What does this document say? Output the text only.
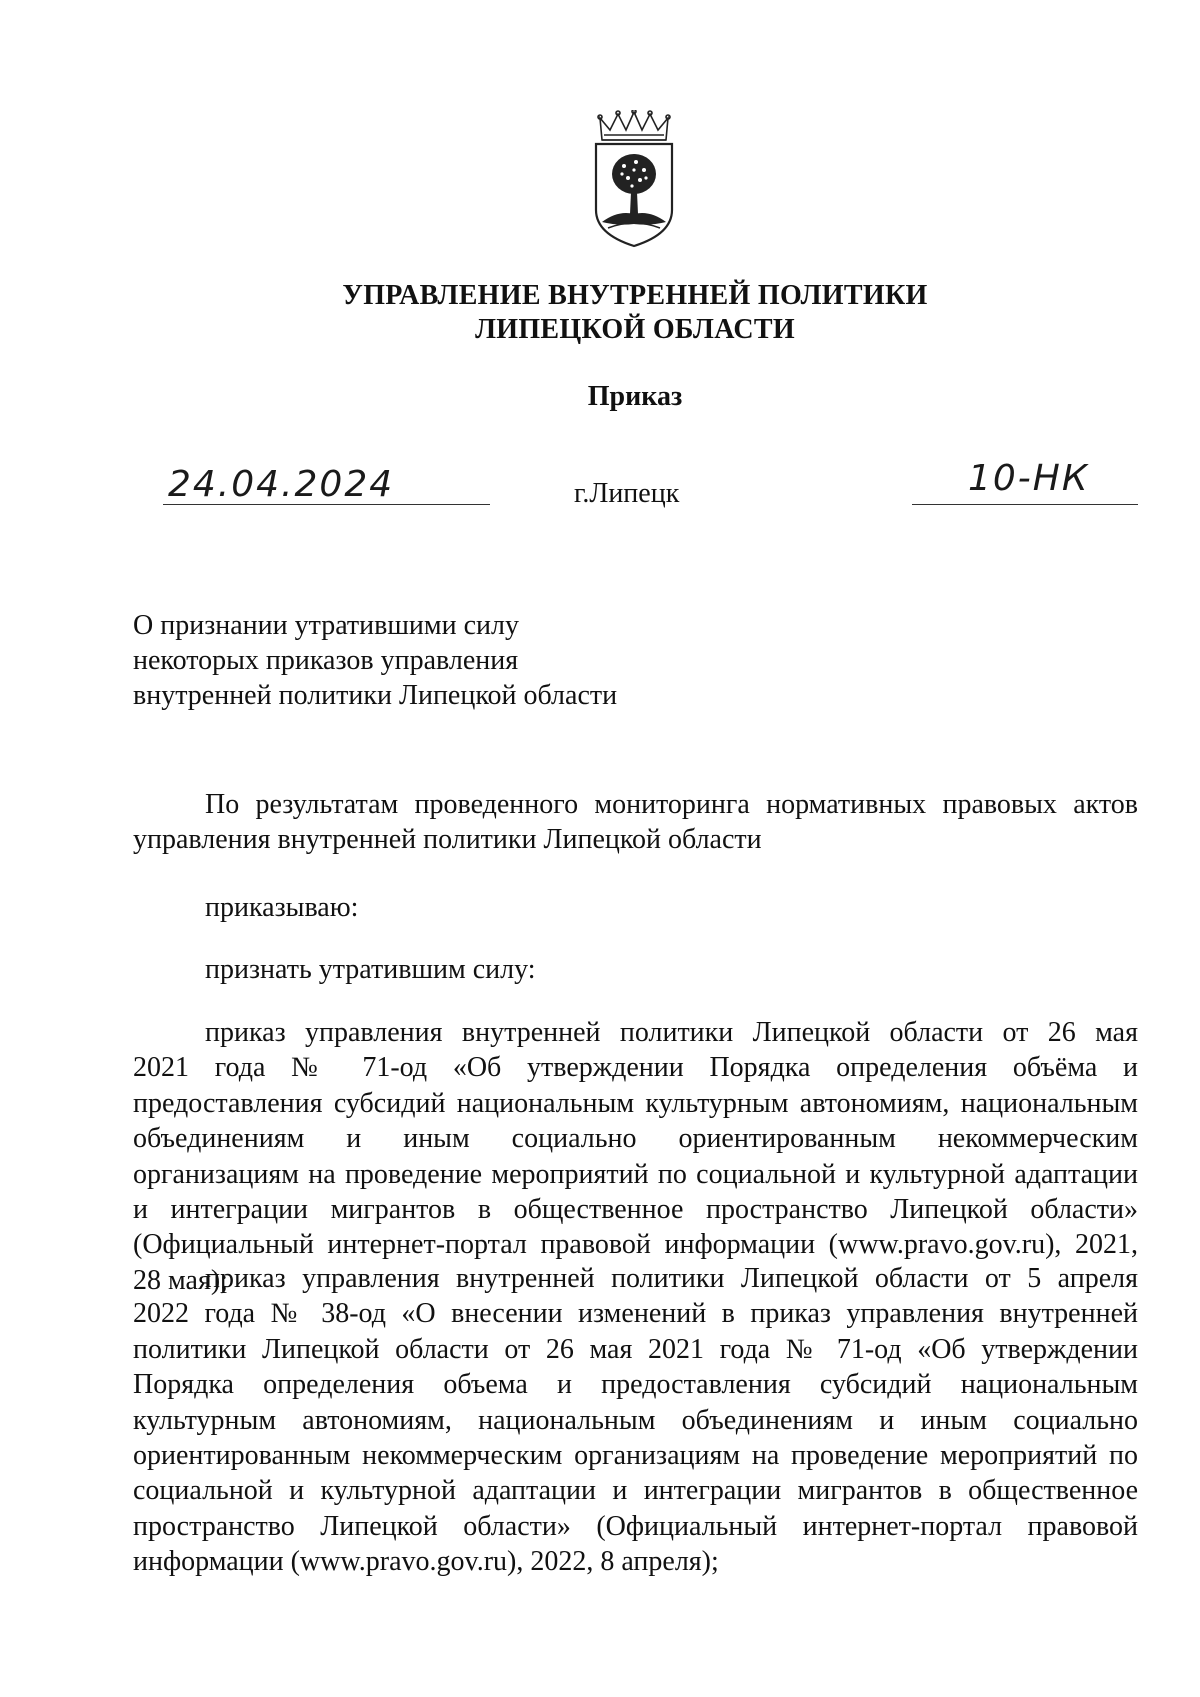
УПРАВЛЕНИЕ ВНУТРЕННЕЙ ПОЛИТИКИ
ЛИПЕЦКОЙ ОБЛАСТИ
Приказ
24.04.2024	г.Липецк	10-НК
О признании утратившими силу
некоторых приказов управления
внутренней политики Липецкой области
По результатам проведенного мониторинга нормативных правовых актов
управления внутренней политики Липецкой области
приказываю:
признать утратившим силу:
приказ управления внутренней политики Липецкой области от 26 мая
2021 года № 71-од «Об утверждении Порядка определения объёма и
предоставления субсидий национальным культурным автономиям, национальным
объединениям и иным социально ориентированным некоммерческим
организациям на проведение мероприятий по социальной и культурной адаптации
и интеграции мигрантов в общественное пространство Липецкой области»
(Официальный интернет-портал правовой информации (www.pravo.gov.ru), 2021,
28 мая);
приказ управления внутренней политики Липецкой области от 5 апреля
2022 года № 38-од «О внесении изменений в приказ управления внутренней
политики Липецкой области от 26 мая 2021 года № 71-од «Об утверждении
Порядка определения объема и предоставления субсидий национальным
культурным автономиям, национальным объединениям и иным социально
ориентированным некоммерческим организациям на проведение мероприятий по
социальной и культурной адаптации и интеграции мигрантов в общественное
пространство Липецкой области» (Официальный интернет-портал правовой
информации (www.pravo.gov.ru), 2022, 8 апреля);
